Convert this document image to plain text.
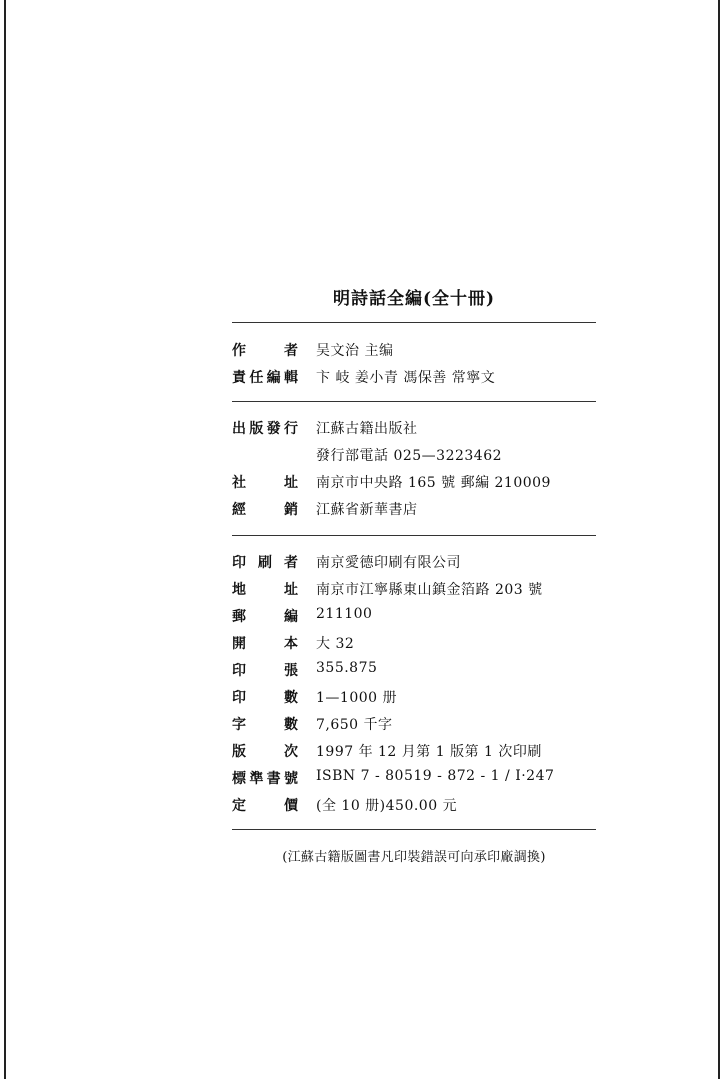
明詩話全編(全十冊)
作 者 吴文治 主编
責任編輯 卞 岐 姜小青 馮保善 常寧文
出版發行 江蘇古籍出版社
發行部電話 025—3223462
社 址 南京市中央路 165 號 郵編 210009
經 銷 江蘇省新華書店
印 刷 者 南京愛德印刷有限公司
地 址 南京市江寧縣東山鎮金箔路 203 號
郵 編 211100
開 本 大 32
印 張 355.875
印 數 1—1000 册
字 數 7,650 千字
版 次 1997 年 12 月第 1 版第 1 次印刷
標準書號 ISBN 7 - 80519 - 872 - 1 / I·247
定 價 (全 10 册)450.00 元
(江蘇古籍版圖書凡印裝錯誤可向承印廠調換)
